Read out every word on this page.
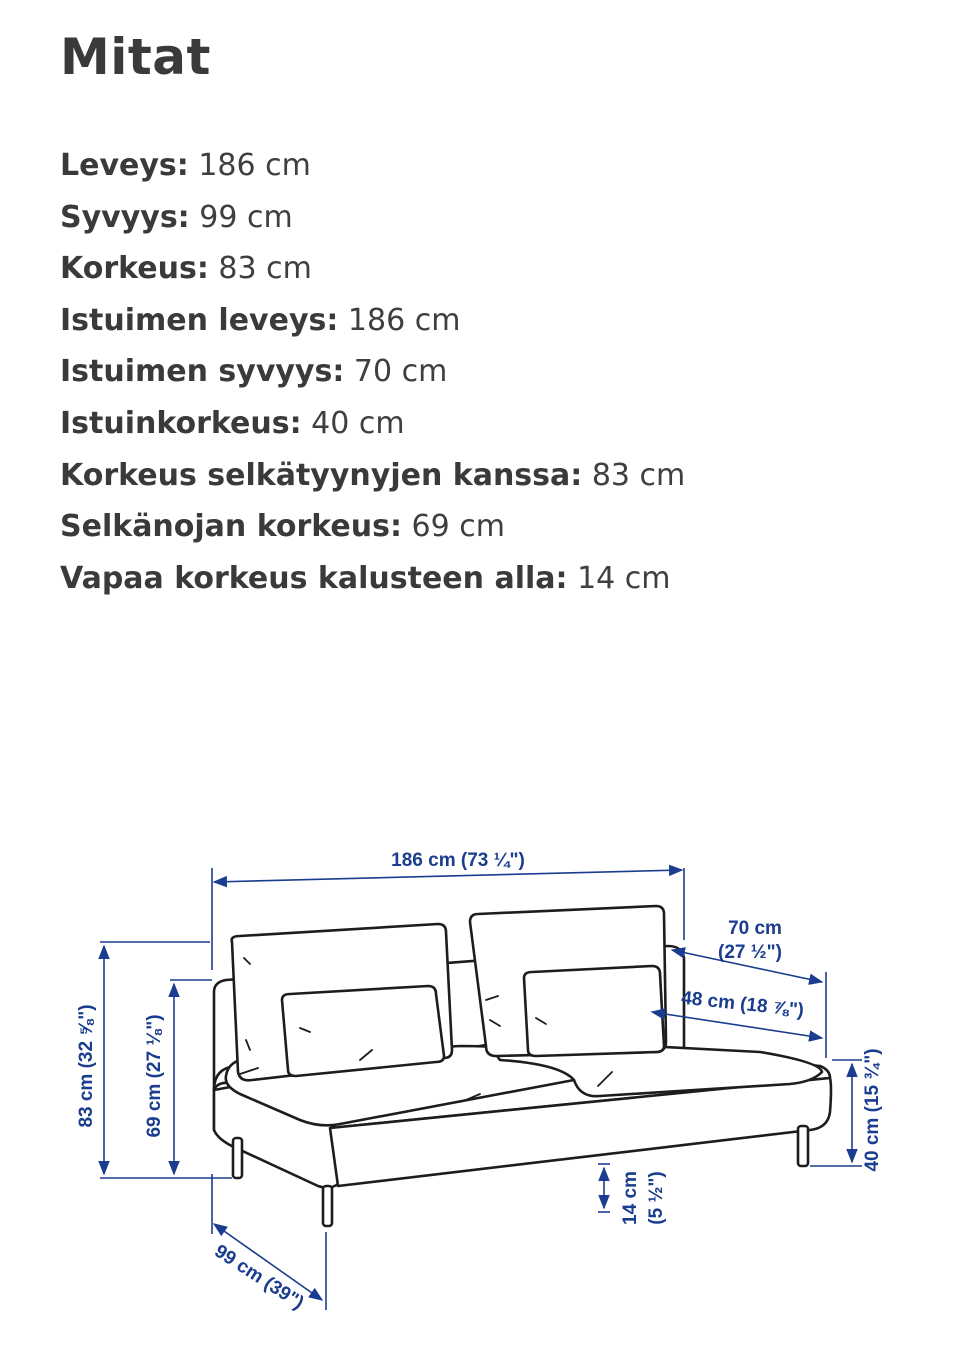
Mitat
Leveys: 186 cm
Syvyys: 99 cm
Korkeus: 83 cm
Istuimen leveys: 186 cm
Istuimen syvyys: 70 cm
Istuinkorkeus: 40 cm
Korkeus selkätyynyjen kanssa: 83 cm
Selkänojan korkeus: 69 cm
Vapaa korkeus kalusteen alla: 14 cm
186 cm (73 ¼")
70 cm
(27 ½")
48 cm (18 ⅞")
83 cm (32 ⅝") 69 cm (27 ⅛")	40 cm (15 ¾")
14 cm (5 ½")
99 cm (39")
